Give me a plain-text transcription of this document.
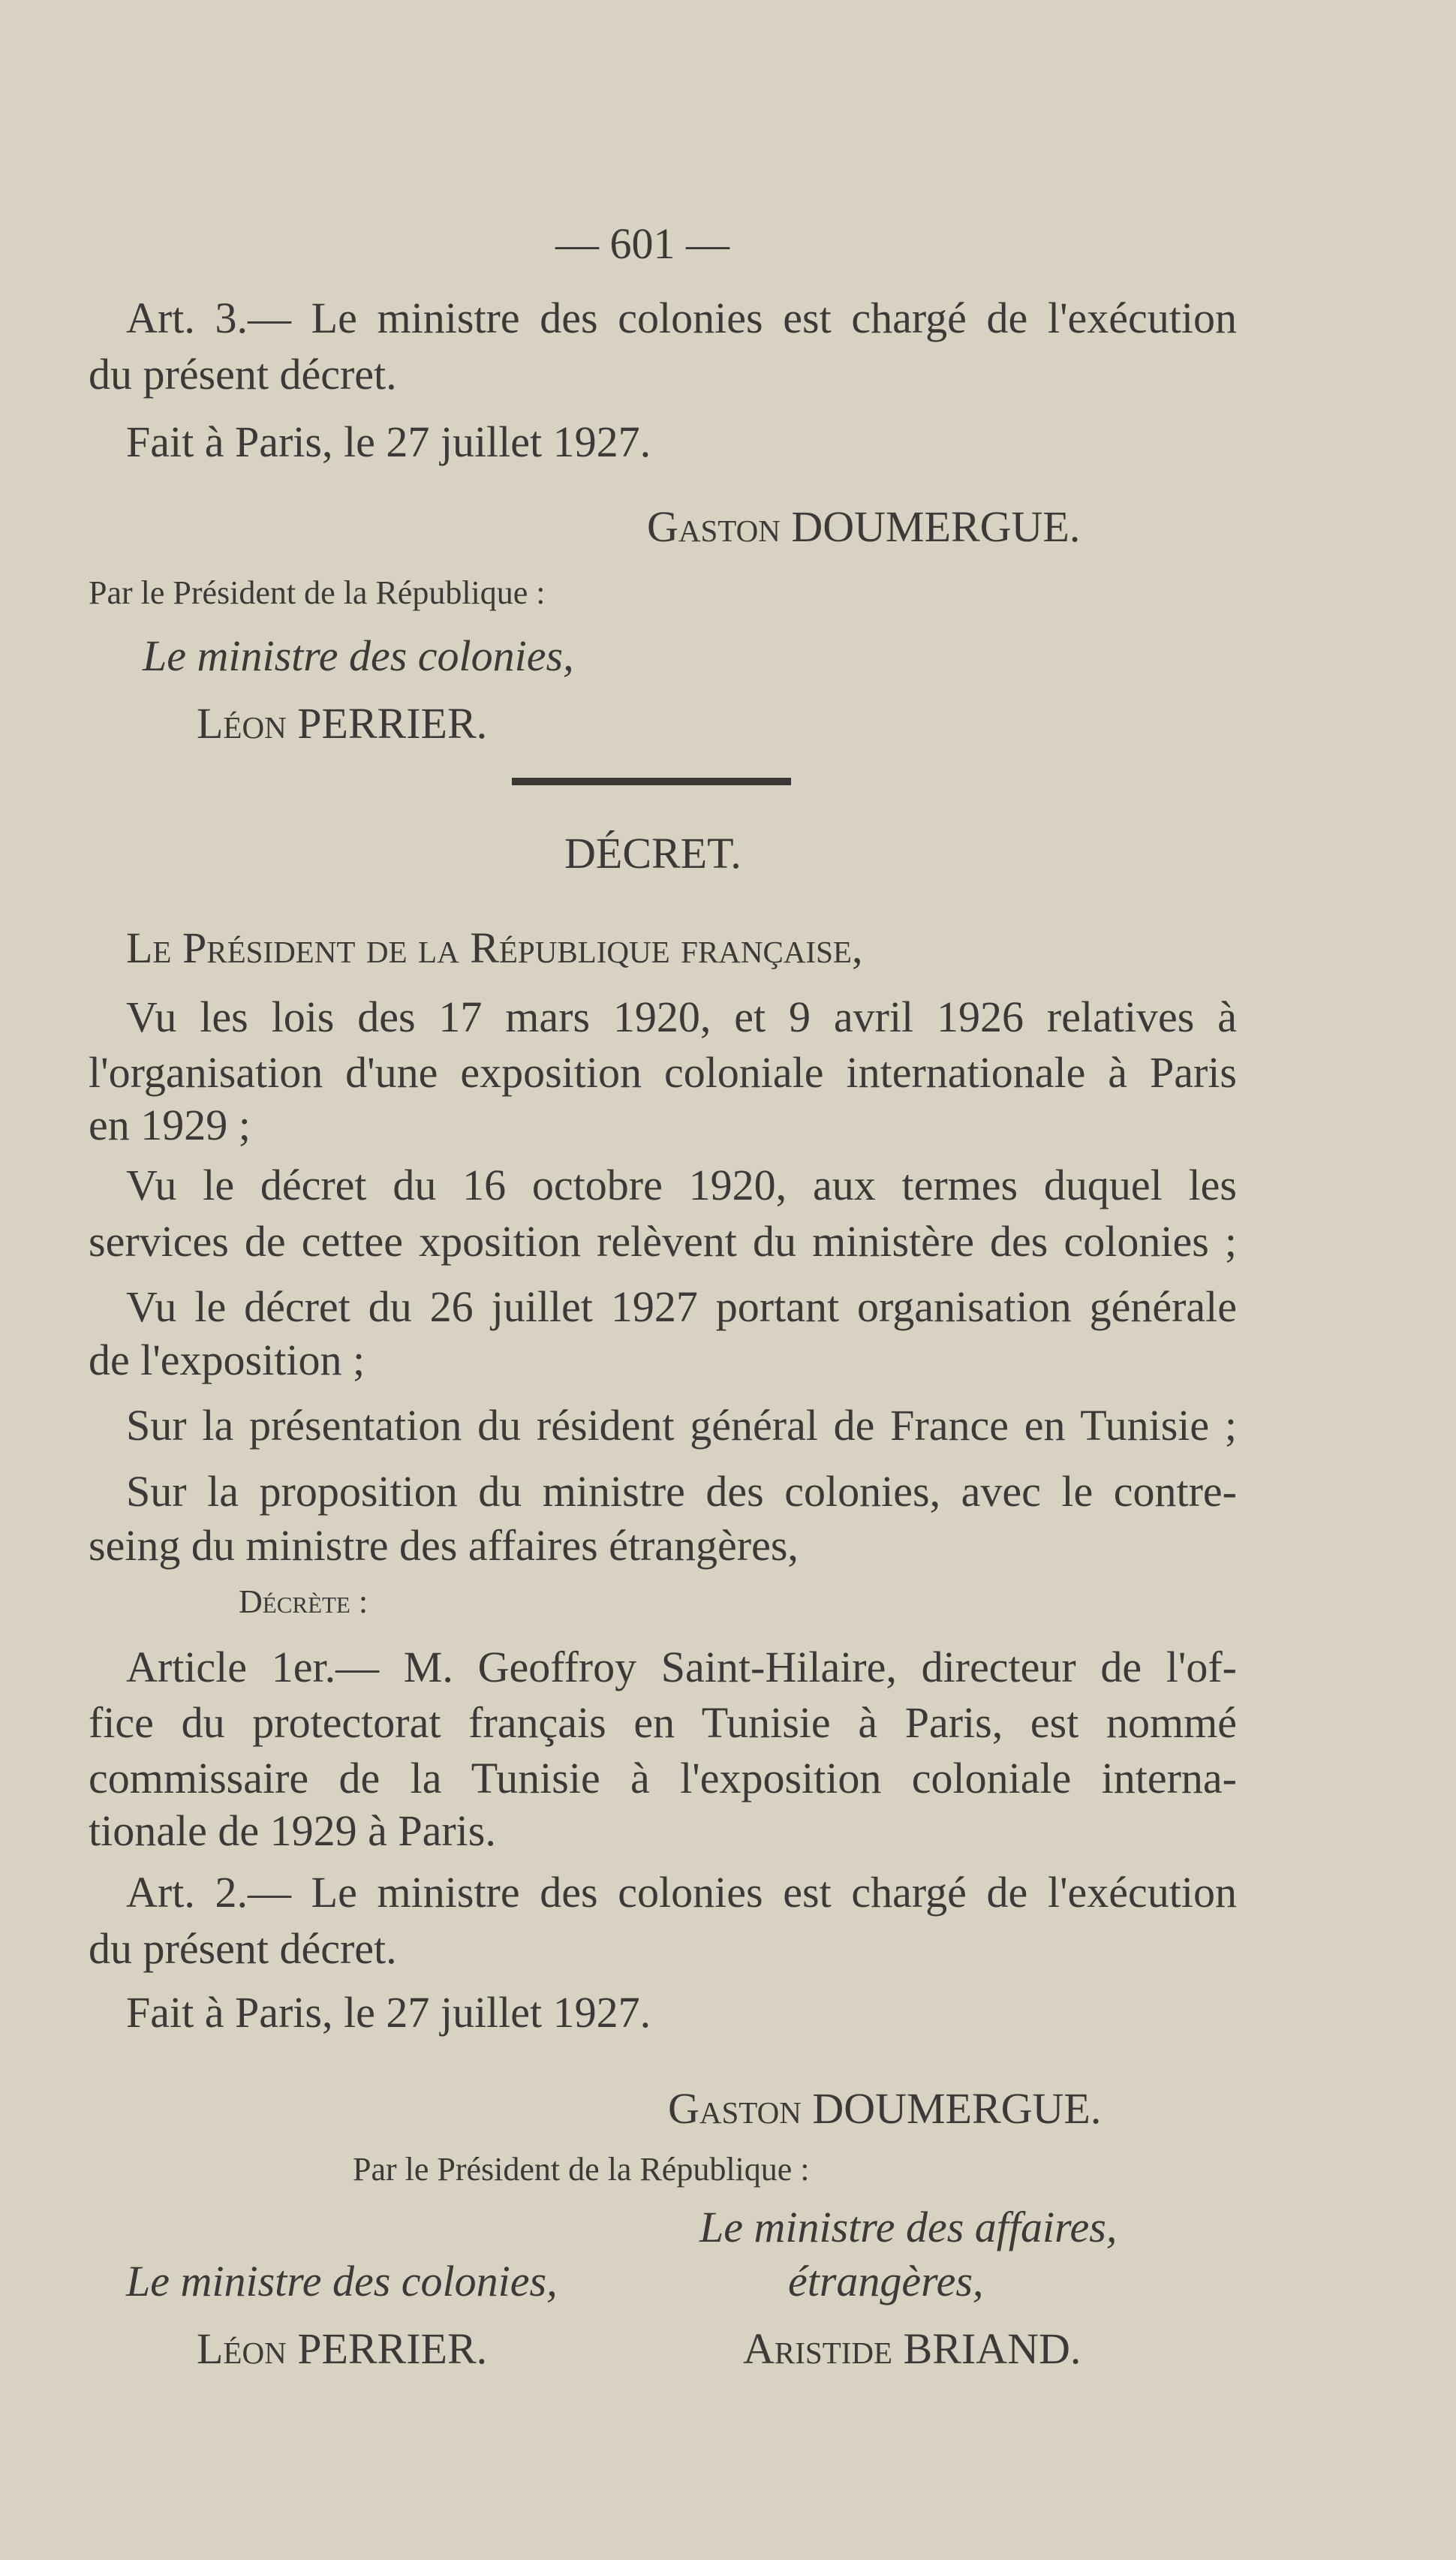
— 601 —
Art. 3.— Le ministre des colonies est chargé de l'exécution
du présent décret.
Fait à Paris, le 27 juillet 1927.
Gaston DOUMERGUE.
Par le Président de la République :
Le ministre des colonies,
Léon PERRIER.
DÉCRET.
Le Président de la République française,
Vu les lois des 17 mars 1920, et 9 avril 1926 relatives à
l'organisation d'une exposition coloniale internationale à Paris
en 1929 ;
Vu le décret du 16 octobre 1920, aux termes duquel les
services de cettee xposition relèvent du ministère des colonies ;
Vu le décret du 26 juillet 1927 portant organisation générale
de l'exposition ;
Sur la présentation du résident général de France en Tunisie ;
Sur la proposition du ministre des colonies, avec le contre-
seing du ministre des affaires étrangères,
Décrète :
Article 1er.— M. Geoffroy Saint-Hilaire, directeur de l'of-
fice du protectorat français en Tunisie à Paris, est nommé
commissaire de la Tunisie à l'exposition coloniale interna-
tionale de 1929 à Paris.
Art. 2.— Le ministre des colonies est chargé de l'exécution
du présent décret.
Fait à Paris, le 27 juillet 1927.
Gaston DOUMERGUE.
Par le Président de la République :
Le ministre des affaires,
Le ministre des colonies,	étrangères,
Léon PERRIER.	Aristide BRIAND.
